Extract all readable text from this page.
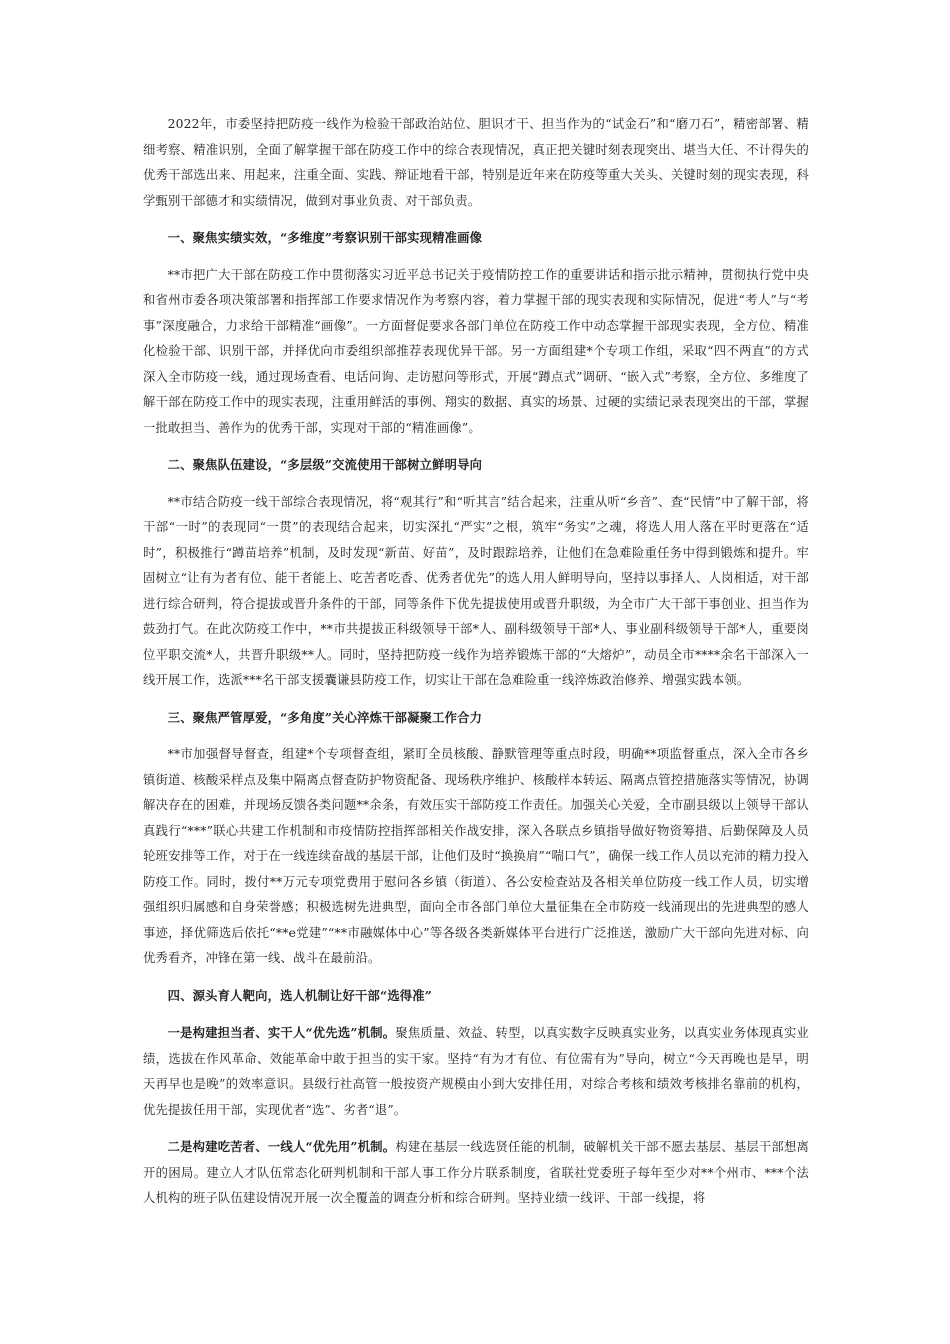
2022年，市委坚持把防疫一线作为检验干部政治站位、胆识才干、担当作为的“试金石”和“磨刀石”，精密部署、精细考察、精准识别，全面了解掌握干部在防疫工作中的综合表现情况，真正把关键时刻表现突出、堪当大任、不计得失的优秀干部选出来、用起来，注重全面、实践、辩证地看干部，特别是近年来在防疫等重大关头、关键时刻的现实表现，科学甄别干部德才和实绩情况，做到对事业负责、对干部负责。

一、聚焦实绩实效，“多维度”考察识别干部实现精准画像

**市把广大干部在防疫工作中贯彻落实习近平总书记关于疫情防控工作的重要讲话和指示批示精神，贯彻执行党中央和省州市委各项决策部署和指挥部工作要求情况作为考察内容，着力掌握干部的现实表现和实际情况，促进“考人”与“考事”深度融合，力求给干部精准“画像”。一方面督促要求各部门单位在防疫工作中动态掌握干部现实表现，全方位、精准化检验干部、识别干部，并择优向市委组织部推荐表现优异干部。另一方面组建*个专项工作组，采取“四不两直”的方式深入全市防疫一线，通过现场查看、电话问询、走访慰问等形式，开展“蹲点式”调研、“嵌入式”考察，全方位、多维度了解干部在防疫工作中的现实表现，注重用鲜活的事例、翔实的数据、真实的场景、过硬的实绩记录表现突出的干部，掌握一批敢担当、善作为的优秀干部，实现对干部的“精准画像”。

二、聚焦队伍建设，“多层级”交流使用干部树立鲜明导向

**市结合防疫一线干部综合表现情况，将“观其行”和“听其言”结合起来，注重从听“乡音”、查“民情”中了解干部，将干部“一时”的表现同“一贯”的表现结合起来，切实深扎“严实”之根，筑牢“务实”之魂，将选人用人落在平时更落在“适时”，积极推行“蹲苗培养”机制，及时发现“新苗、好苗”，及时跟踪培养，让他们在急难险重任务中得到锻炼和提升。牢固树立“让有为者有位、能干者能上、吃苦者吃香、优秀者优先”的选人用人鲜明导向，坚持以事择人、人岗相适，对干部进行综合研判，符合提拔或晋升条件的干部，同等条件下优先提拔使用或晋升职级，为全市广大干部干事创业、担当作为鼓劲打气。在此次防疫工作中，**市共提拔正科级领导干部*人、副科级领导干部*人、事业副科级领导干部*人，重要岗位平职交流*人，共晋升职级**人。同时，坚持把防疫一线作为培养锻炼干部的“大熔炉”，动员全市****余名干部深入一线开展工作，选派***名干部支援囊谦县防疫工作，切实让干部在急难险重一线淬炼政治修养、增强实践本领。

三、聚焦严管厚爱，“多角度”关心淬炼干部凝聚工作合力

**市加强督导督查，组建*个专项督查组，紧盯全员核酸、静默管理等重点时段，明确**项监督重点，深入全市各乡镇街道、核酸采样点及集中隔离点督查防护物资配备、现场秩序维护、核酸样本转运、隔离点管控措施落实等情况，协调解决存在的困难，并现场反馈各类问题**余条，有效压实干部防疫工作责任。加强关心关爱，全市副县级以上领导干部认真践行“***”联心共建工作机制和市疫情防控指挥部相关作战安排，深入各联点乡镇指导做好物资筹措、后勤保障及人员轮班安排等工作，对于在一线连续奋战的基层干部，让他们及时“换换肩”“喘口气”，确保一线工作人员以充沛的精力投入防疫工作。同时，拨付**万元专项党费用于慰问各乡镇（街道）、各公安检查站及各相关单位防疫一线工作人员，切实增强组织归属感和自身荣誉感；积极选树先进典型，面向全市各部门单位大量征集在全市防疫一线涌现出的先进典型的感人事迹，择优筛选后依托“**e党建”“**市融媒体中心”等各级各类新媒体平台进行广泛推送，激励广大干部向先进对标、向优秀看齐，冲锋在第一线、战斗在最前沿。

四、源头育人靶向，选人机制让好干部“选得准”

一是构建担当者、实干人“优先选”机制。聚焦质量、效益、转型，以真实数字反映真实业务，以真实业务体现真实业绩，选拔在作风革命、效能革命中敢于担当的实干家。坚持“有为才有位、有位需有为”导向，树立“今天再晚也是早，明天再早也是晚”的效率意识。县级行社高管一般按资产规模由小到大安排任用，对综合考核和绩效考核排名靠前的机构，优先提拔任用干部，实现优者“选”、劣者“退”。

二是构建吃苦者、一线人“优先用”机制。构建在基层一线选贤任能的机制，破解机关干部不愿去基层、基层干部想离开的困局。建立人才队伍常态化研判机制和干部人事工作分片联系制度，省联社党委班子每年至少对**个州市、***个法人机构的班子队伍建设情况开展一次全覆盖的调查分析和综合研判。坚持业绩一线评、干部一线提，将
